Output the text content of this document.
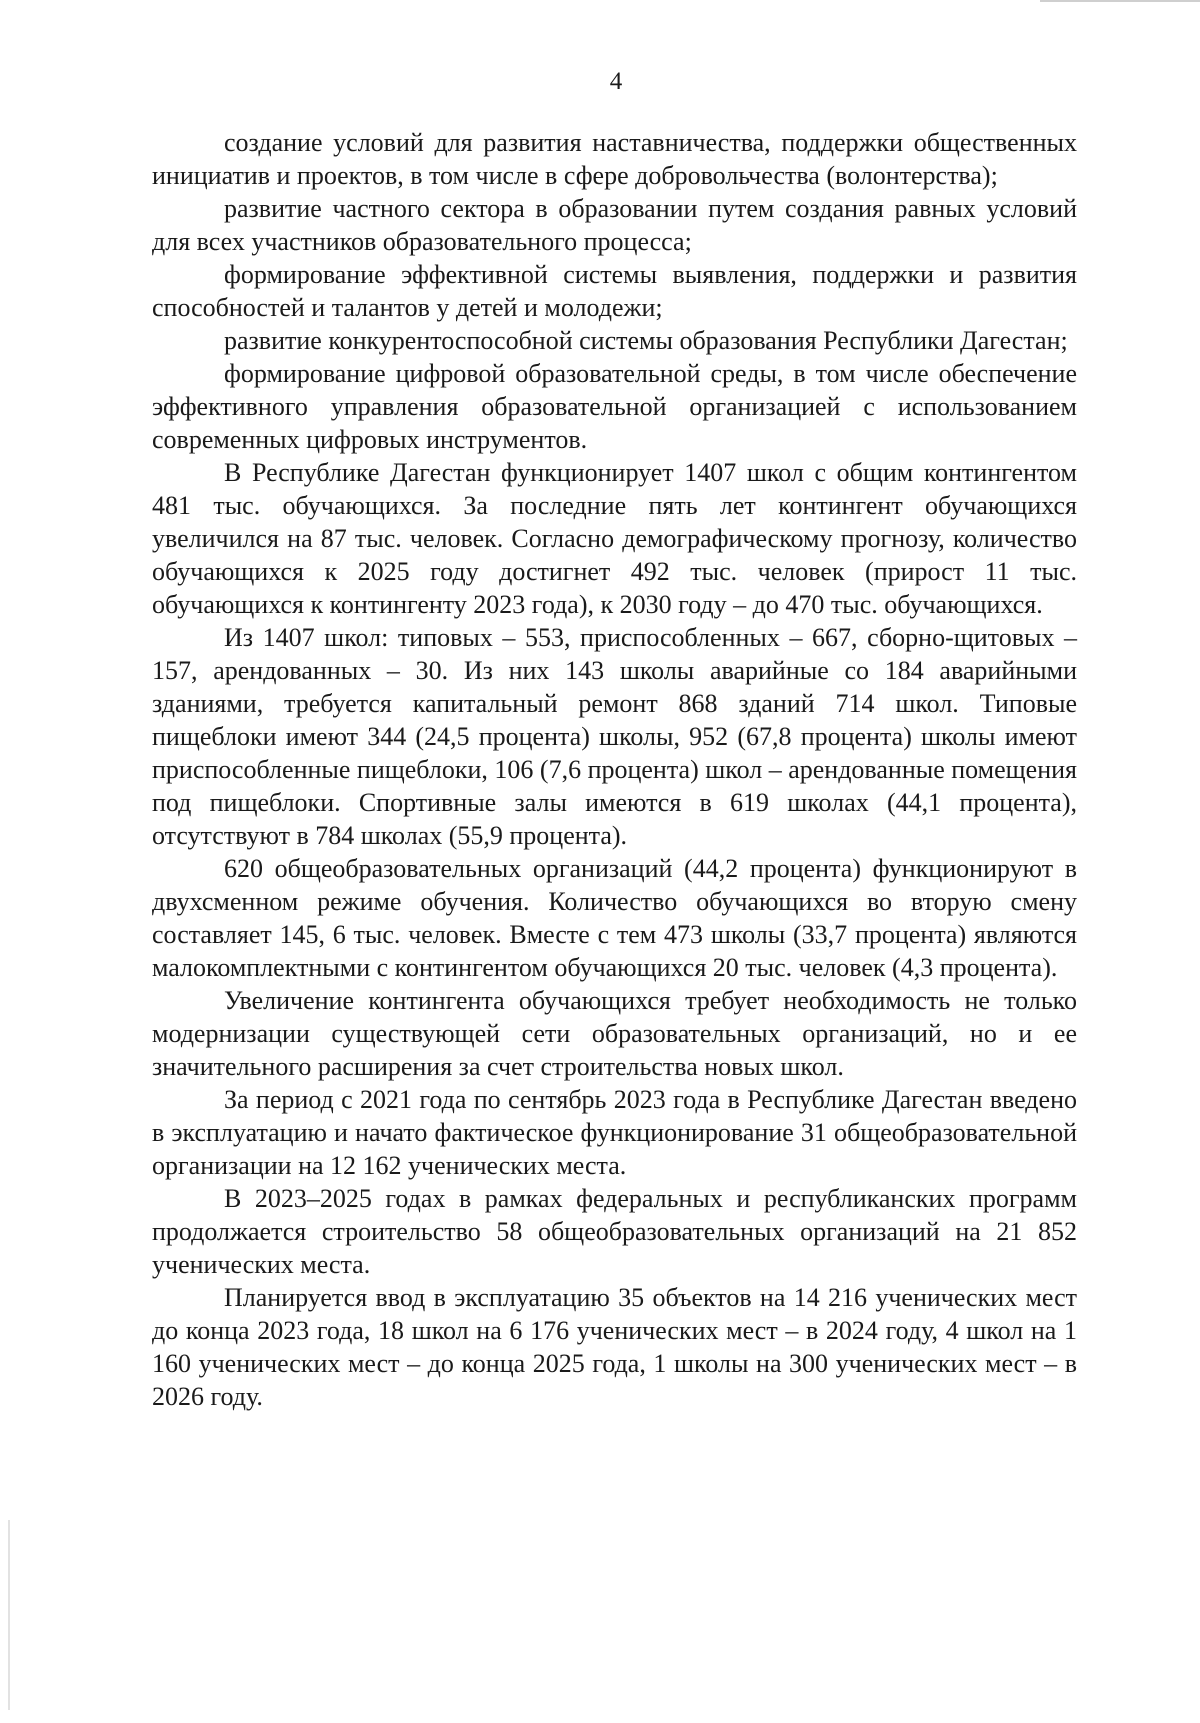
4

создание условий для развития наставничества, поддержки общественных инициатив и проектов, в том числе в сфере добровольчества (волонтерства);

развитие частного сектора в образовании путем создания равных условий для всех участников образовательного процесса;

формирование эффективной системы выявления, поддержки и развития способностей и талантов у детей и молодежи;

развитие конкурентоспособной системы образования Республики Дагестан;

формирование цифровой образовательной среды, в том числе обеспечение эффективного управления образовательной организацией с использованием современных цифровых инструментов.

В Республике Дагестан функционирует 1407 школ с общим контингентом 481 тыс. обучающихся. За последние пять лет контингент обучающихся увеличился на 87 тыс. человек. Согласно демографическому прогнозу, количество обучающихся к 2025 году достигнет 492 тыс. человек (прирост 11 тыс. обучающихся к контингенту 2023 года), к 2030 году – до 470 тыс. обучающихся.

Из 1407 школ: типовых – 553, приспособленных – 667, сборно-щитовых – 157, арендованных – 30. Из них 143 школы аварийные со 184 аварийными зданиями, требуется капитальный ремонт 868 зданий 714 школ. Типовые пищеблоки имеют 344 (24,5 процента) школы, 952 (67,8 процента) школы имеют приспособленные пищеблоки, 106 (7,6 процента) школ – арендованные помещения под пищеблоки. Спортивные залы имеются в 619 школах (44,1 процента), отсутствуют в 784 школах (55,9 процента).

620 общеобразовательных организаций (44,2 процента) функционируют в двухсменном режиме обучения. Количество обучающихся во вторую смену составляет 145, 6 тыс. человек. Вместе с тем 473 школы (33,7 процента) являются малокомплектными с контингентом обучающихся 20 тыс. человек (4,3 процента).

Увеличение контингента обучающихся требует необходимость не только модернизации существующей сети образовательных организаций, но и ее значительного расширения за счет строительства новых школ.

За период с 2021 года по сентябрь 2023 года в Республике Дагестан введено в эксплуатацию и начато фактическое функционирование 31 общеобразовательной организации на 12 162 ученических места.

В 2023–2025 годах в рамках федеральных и республиканских программ продолжается строительство 58 общеобразовательных организаций на 21 852 ученических места.

Планируется ввод в эксплуатацию 35 объектов на 14 216 ученических мест до конца 2023 года, 18 школ на 6 176 ученических мест – в 2024 году, 4 школ на 1 160 ученических мест – до конца 2025 года, 1 школы на 300 ученических мест – в 2026 году.
